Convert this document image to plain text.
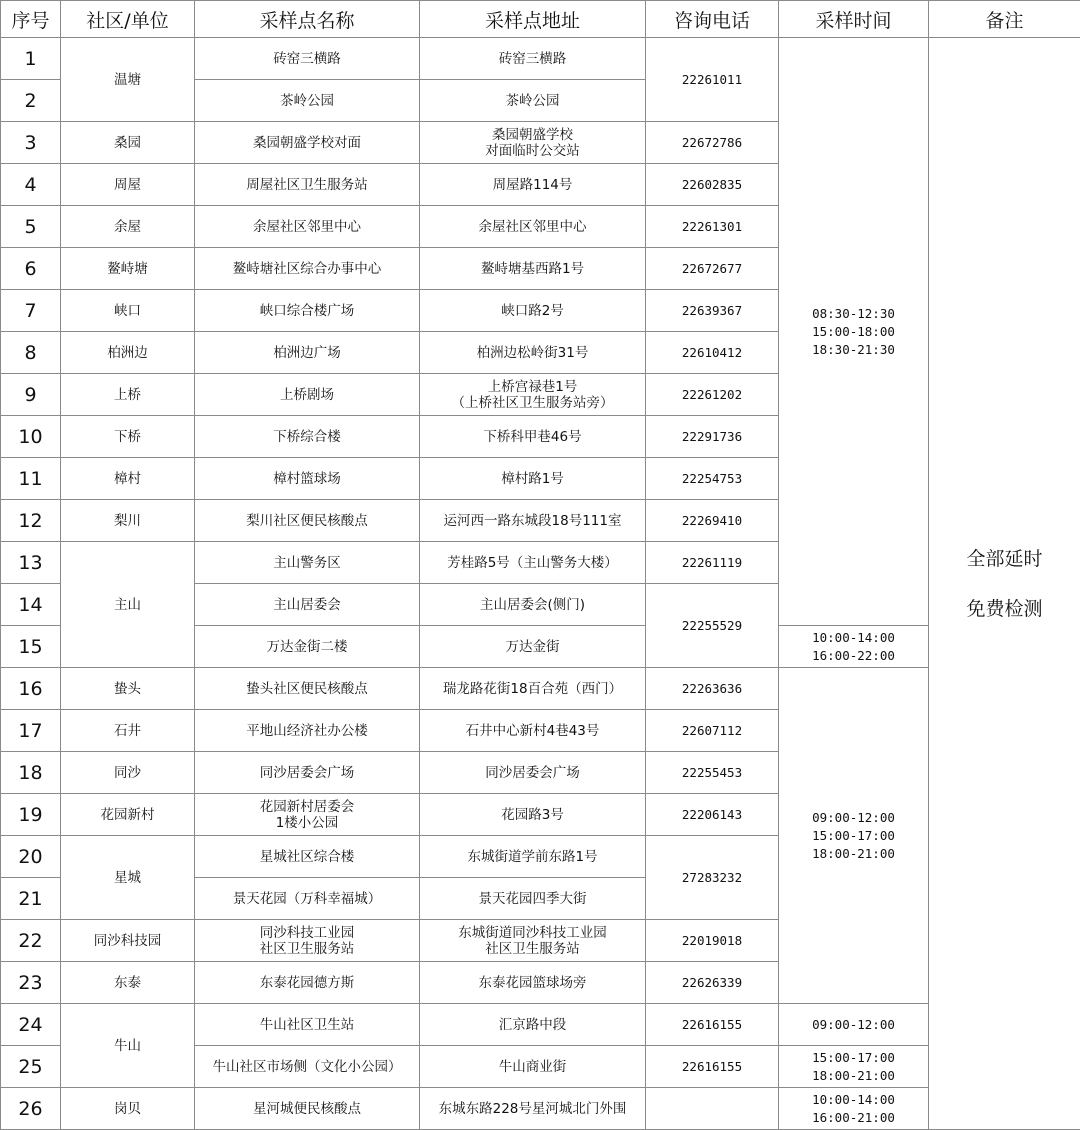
序号	社区/单位	采样点名称	采样点地址	咨询电话	采样时间	备注
1	温塘	砖窑三横路	砖窑三横路	22261011	08:30-12:30
15:00-18:00
18:30-21:30	全部延时
免费检测
2		茶岭公园	茶岭公园			
3	桑园	桑园朝盛学校对面	桑园朝盛学校
对面临时公交站	22672786		
4	周屋	周屋社区卫生服务站	周屋路114号	22602835		
5	余屋	余屋社区邻里中心	余屋社区邻里中心	22261301		
6	鳌峙塘	鳌峙塘社区综合办事中心	鳌峙塘基西路1号	22672677		
7	峡口	峡口综合楼广场	峡口路2号	22639367		
8	柏洲边	柏洲边广场	柏洲边松岭街31号	22610412		
9	上桥	上桥剧场	上桥宫禄巷1号
（上桥社区卫生服务站旁）	22261202		
10	下桥	下桥综合楼	下桥科甲巷46号	22291736		
11	樟村	樟村篮球场	樟村路1号	22254753		
12	梨川	梨川社区便民核酸点	运河西一路东城段18号111室	22269410		
13	主山	主山警务区	芳桂路5号（主山警务大楼）	22261119		
14		主山居委会	主山居委会(侧门)	22255529		
15		万达金街二楼	万达金街		10:00-14:00
16:00-22:00	
16	蛰头	蛰头社区便民核酸点	瑞龙路花街18百合苑（西门）	22263636	09:00-12:00
15:00-17:00
18:00-21:00	
17	石井	平地山经济社办公楼	石井中心新村4巷43号	22607112		
18	同沙	同沙居委会广场	同沙居委会广场	22255453		
19	花园新村	花园新村居委会
1楼小公园	花园路3号	22206143		
20	星城	星城社区综合楼	东城街道学前东路1号	27283232		
21		景天花园（万科幸福城）	景天花园四季大街			
22	同沙科技园	同沙科技工业园
社区卫生服务站	东城街道同沙科技工业园
社区卫生服务站	22019018		
23	东泰	东泰花园德方斯	东泰花园篮球场旁	22626339		
24	牛山	牛山社区卫生站	汇京路中段	22616155	09:00-12:00	
25		牛山社区市场侧（文化小公园）	牛山商业街	22616155	15:00-17:00
18:00-21:00	
26	岗贝	星河城便民核酸点	东城东路228号星河城北门外围		10:00-14:00
16:00-21:00	
